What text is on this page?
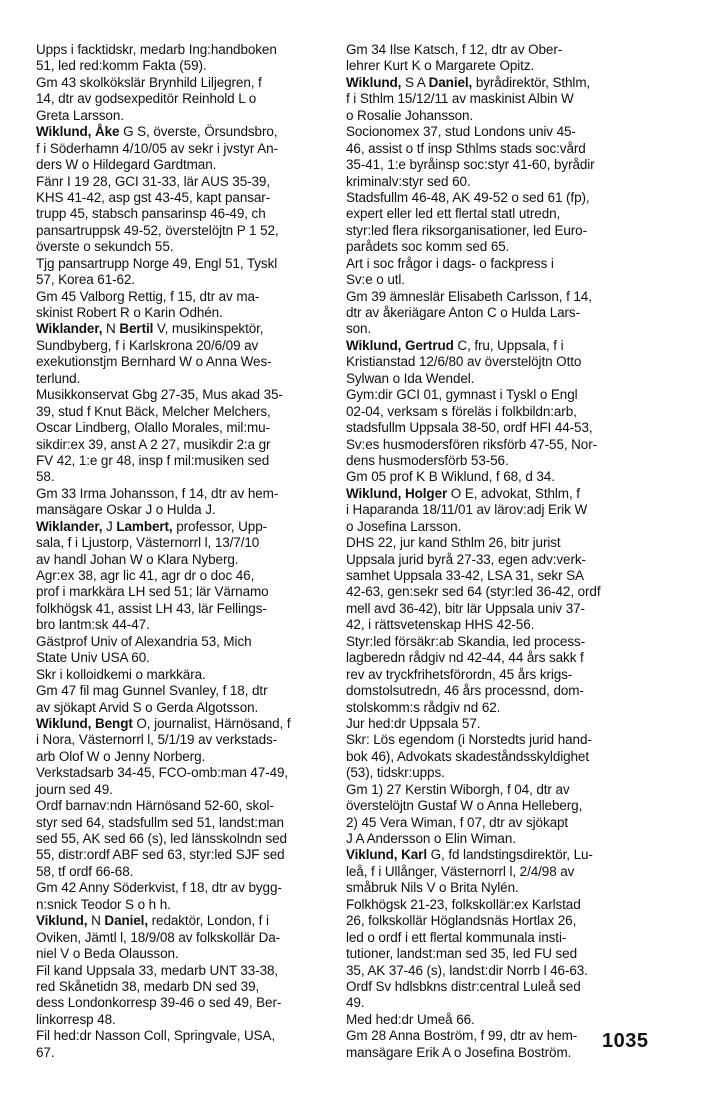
Upps i facktidskr, medarb Ing:handboken
51, led red:komm Fakta (59).
Gm 43 skolkökslär Brynhild Liljegren, f
14, dtr av godsexpeditör Reinhold L o
Greta Larsson.
Wiklund, Åke G S, överste, Örsundsbro,
f i Söderhamn 4/10/05 av sekr i jvstyr An-
ders W o Hildegard Gardtman.
Fänr I 19 28, GCI 31-33, lär AUS 35-39,
KHS 41-42, asp gst 43-45, kapt pansar-
trupp 45, stabsch pansarinsp 46-49, ch
pansartruppsk 49-52, överstelöjtn P 1 52,
överste o sekundch 55.
Tjg pansartrupp Norge 49, Engl 51, Tyskl
57, Korea 61-62.
Gm 45 Valborg Rettig, f 15, dtr av ma-
skinist Robert R o Karin Odhén.
Wiklander, N Bertil V, musikinspektör,
Sundbyberg, f i Karlskrona 20/6/09 av
exekutionstjm Bernhard W o Anna Wes-
terlund.
Musikkonservat Gbg 27-35, Mus akad 35-
39, stud f Knut Bäck, Melcher Melchers,
Oscar Lindberg, Olallo Morales, mil:mu-
sikdir:ex 39, anst A 2 27, musikdir 2:a gr
FV 42, 1:e gr 48, insp f mil:musiken sed
58.
Gm 33 Irma Johansson, f 14, dtr av hem-
mansägare Oskar J o Hulda J.
Wiklander, J Lambert, professor, Upp-
sala, f i Ljustorp, Västernorrl l, 13/7/10
av handl Johan W o Klara Nyberg.
Agr:ex 38, agr lic 41, agr dr o doc 46,
prof i markkära LH sed 51; lär Värnamo
folkhögsk 41, assist LH 43, lär Fellings-
bro lantm:sk 44-47.
Gästprof Univ of Alexandria 53, Mich
State Univ USA 60.
Skr i kolloidkemi o markkära.
Gm 47 fil mag Gunnel Svanley, f 18, dtr
av sjökapt Arvid S o Gerda Algotsson.
Wiklund, Bengt O, journalist, Härnösand, f
i Nora, Västernorrl l, 5/1/19 av verkstads-
arb Olof W o Jenny Norberg.
Verkstadsarb 34-45, FCO-omb:man 47-49,
journ sed 49.
Ordf barnav:ndn Härnösand 52-60, skol-
styr sed 64, stadsfullm sed 51, landst:man
sed 55, AK sed 66 (s), led länsskolndn sed
55, distr:ordf ABF sed 63, styr:led SJF sed
58, tf ordf 66-68.
Gm 42 Anny Söderkvist, f 18, dtr av bygg-
n:snick Teodor S o h h.
Viklund, N Daniel, redaktör, London, f i
Oviken, Jämtl l, 18/9/08 av folkskollär Da-
niel V o Beda Olausson.
Fil kand Uppsala 33, medarb UNT 33-38,
red Skånetidn 38, medarb DN sed 39,
dess Londonkorresp 39-46 o sed 49, Ber-
linkorresp 48.
Fil hed:dr Nasson Coll, Springvale, USA,
67.
Gm 34 Ilse Katsch, f 12, dtr av Ober-
lehrer Kurt K o Margarete Opitz.
Wiklund, S A Daniel, byrådirektör, Sthlm,
f i Sthlm 15/12/11 av maskinist Albin W
o Rosalie Johansson.
Socionomex 37, stud Londons univ 45-
46, assist o tf insp Sthlms stads soc:vård
35-41, 1:e byråinsp soc:styr 41-60, byrådir
kriminalv:styr sed 60.
Stadsfullm 46-48, AK 49-52 o sed 61 (fp),
expert eller led ett flertal statl utredn,
styr:led flera riksorganisationer, led Euro-
parådets soc komm sed 65.
Art i soc frågor i dags- o fackpress i
Sv:e o utl.
Gm 39 ämneslär Elisabeth Carlsson, f 14,
dtr av åkeriägare Anton C o Hulda Lars-
son.
Wiklund, Gertrud C, fru, Uppsala, f i
Kristianstad 12/6/80 av överstelöjtn Otto
Sylwan o Ida Wendel.
Gym:dir GCI 01, gymnast i Tyskl o Engl
02-04, verksam s föreläs i folkbildn:arb,
stadsfullm Uppsala 38-50, ordf HFI 44-53,
Sv:es husmodersfören riksförb 47-55, Nor-
dens husmodersförb 53-56.
Gm 05 prof K B Wiklund, f 68, d 34.
Wiklund, Holger O E, advokat, Sthlm, f
i Haparanda 18/11/01 av lärov:adj Erik W
o Josefina Larsson.
DHS 22, jur kand Sthlm 26, bitr jurist
Uppsala jurid byrå 27-33, egen adv:verk-
samhet Uppsala 33-42, LSA 31, sekr SA
42-63, gen:sekr sed 64 (styr:led 36-42, ordf
mell avd 36-42), bitr lär Uppsala univ 37-
42, i rättsvetenskap HHS 42-56.
Styr:led försäkr:ab Skandia, led process-
lagberedn rådgiv nd 42-44, 44 års sakk f
rev av tryckfrihetsförordn, 45 års krigs-
domstolsutredn, 46 års processnd, dom-
stolskomm:s rådgiv nd 62.
Jur hed:dr Uppsala 57.
Skr: Lös egendom (i Norstedts jurid hand-
bok 46), Advokats skadeståndsskyldighet
(53), tidskr:upps.
Gm 1) 27 Kerstin Wiborgh, f 04, dtr av
överstelöjtn Gustaf W o Anna Helleberg,
2) 45 Vera Wiman, f 07, dtr av sjökapt
J A Andersson o Elin Wiman.
Viklund, Karl G, fd landstingsdirektör, Lu-
leå, f i Ullånger, Västernorrl l, 2/4/98 av
småbruk Nils V o Brita Nylén.
Folkhögsk 21-23, folkskollär:ex Karlstad
26, folkskollär Höglandsnäs Hortlax 26,
led o ordf i ett flertal kommunala insti-
tutioner, landst:man sed 35, led FU sed
35, AK 37-46 (s), landst:dir Norrb l 46-63.
Ordf Sv hdlsbkns distr:central Luleå sed
49.
Med hed:dr Umeå 66.
Gm 28 Anna Boström, f 99, dtr av hem-
mansägare Erik A o Josefina Boström.
1035
